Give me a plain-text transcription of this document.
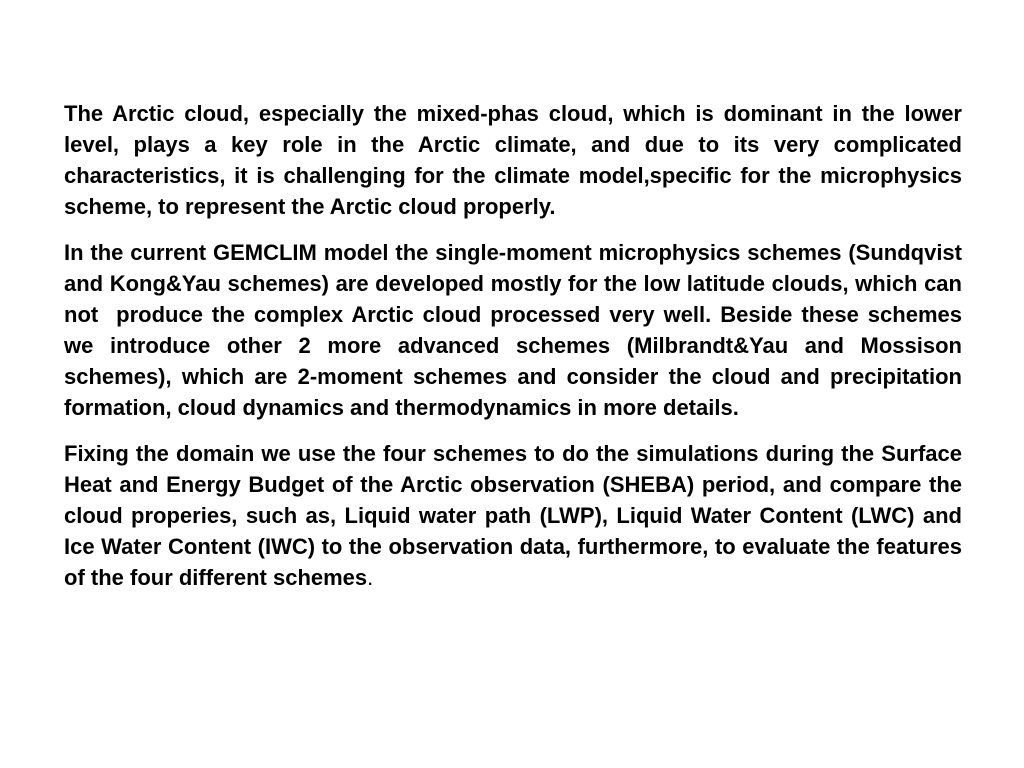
The Arctic cloud, especially the mixed-phas cloud, which is dominant in the lower level, plays a key role in the Arctic climate, and due to its very complicated characteristics, it is challenging for the climate model,specific for the microphysics scheme, to represent the Arctic cloud properly.

In the current GEMCLIM model the single-moment microphysics schemes (Sundqvist and Kong&Yau schemes) are developed mostly for the low latitude clouds, which can not  produce the complex Arctic cloud processed very well. Beside these schemes we introduce other 2 more advanced schemes (Milbrandt&Yau and Mossison schemes), which are 2-moment schemes and consider the cloud and precipitation formation, cloud dynamics and thermodynamics in more details.

Fixing the domain we use the four schemes to do the simulations during the Surface Heat and Energy Budget of the Arctic observation (SHEBA) period, and compare the cloud properies, such as, Liquid water path (LWP), Liquid Water Content (LWC) and Ice Water Content (IWC) to the observation data, furthermore, to evaluate the features of the four different schemes.
